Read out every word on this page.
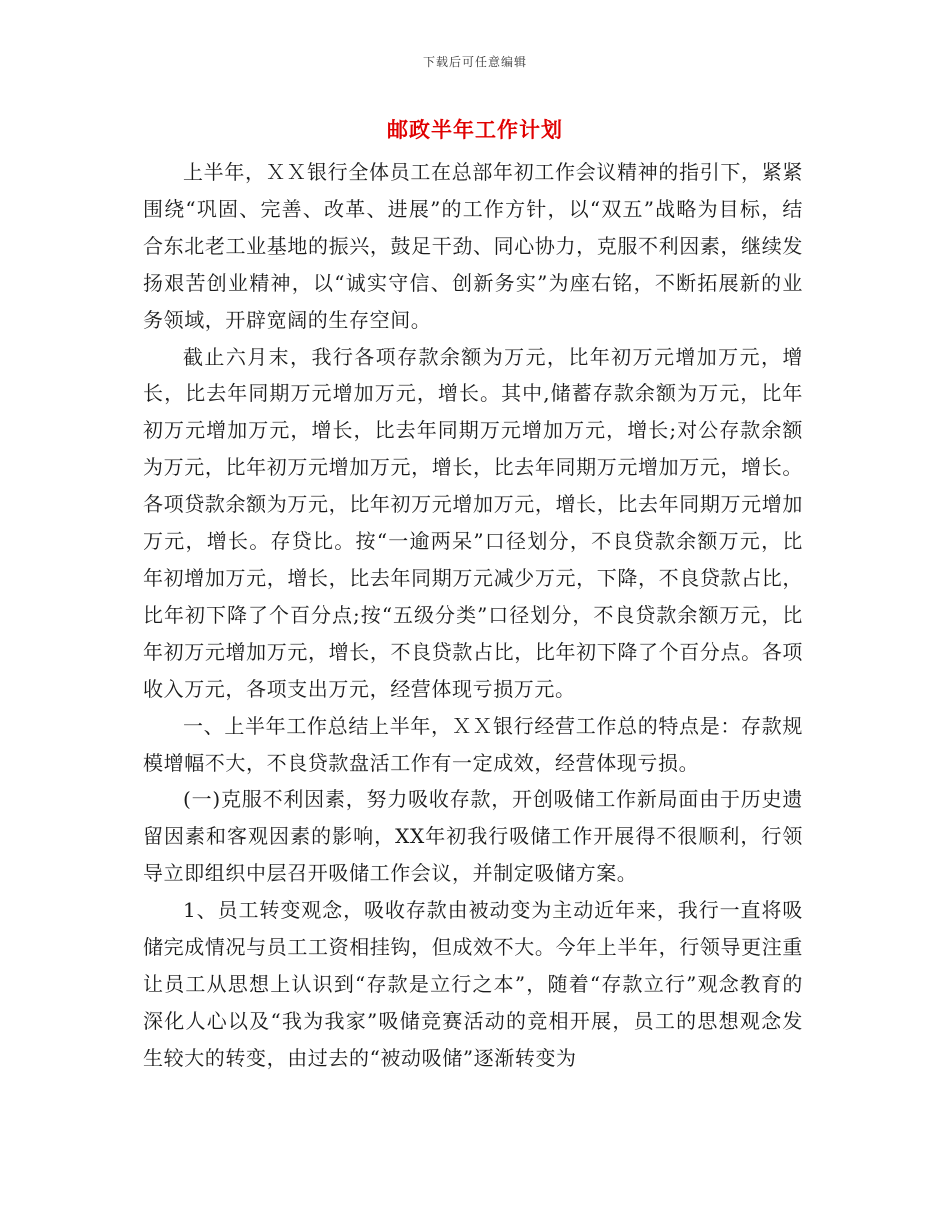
下载后可任意编辑
邮政半年工作计划

上半年，ＸＸ银行全体员工在总部年初工作会议精神的指引下，紧紧围绕“巩固、完善、改革、进展”的工作方针，以“双五”战略为目标，结合东北老工业基地的振兴，鼓足干劲、同心协力，克服不利因素，继续发扬艰苦创业精神，以“诚实守信、创新务实”为座右铭，不断拓展新的业务领域，开辟宽阔的生存空间。

截止六月末，我行各项存款余额为万元，比年初万元增加万元，增长，比去年同期万元增加万元，增长。其中,储蓄存款余额为万元，比年初万元增加万元，增长，比去年同期万元增加万元，增长;对公存款余额为万元，比年初万元增加万元，增长，比去年同期万元增加万元，增长。各项贷款余额为万元，比年初万元增加万元，增长，比去年同期万元增加万元，增长。存贷比。按“一逾两呆”口径划分，不良贷款余额万元，比年初增加万元，增长，比去年同期万元减少万元，下降，不良贷款占比，比年初下降了个百分点;按“五级分类”口径划分，不良贷款余额万元，比年初万元增加万元，增长，不良贷款占比，比年初下降了个百分点。各项收入万元，各项支出万元，经营体现亏损万元。

一、上半年工作总结上半年，ＸＸ银行经营工作总的特点是：存款规模增幅不大，不良贷款盘活工作有一定成效，经营体现亏损。

(一)克服不利因素，努力吸收存款，开创吸储工作新局面由于历史遗留因素和客观因素的影响，XX年初我行吸储工作开展得不很顺利，行领导立即组织中层召开吸储工作会议，并制定吸储方案。

1、员工转变观念，吸收存款由被动变为主动近年来，我行一直将吸储完成情况与员工工资相挂钩，但成效不大。今年上半年，行领导更注重让员工从思想上认识到“存款是立行之本”，随着“存款立行”观念教育的深化人心以及“我为我家”吸储竞赛活动的竞相开展，员工的思想观念发生较大的转变，由过去的“被动吸储”逐渐转变为
